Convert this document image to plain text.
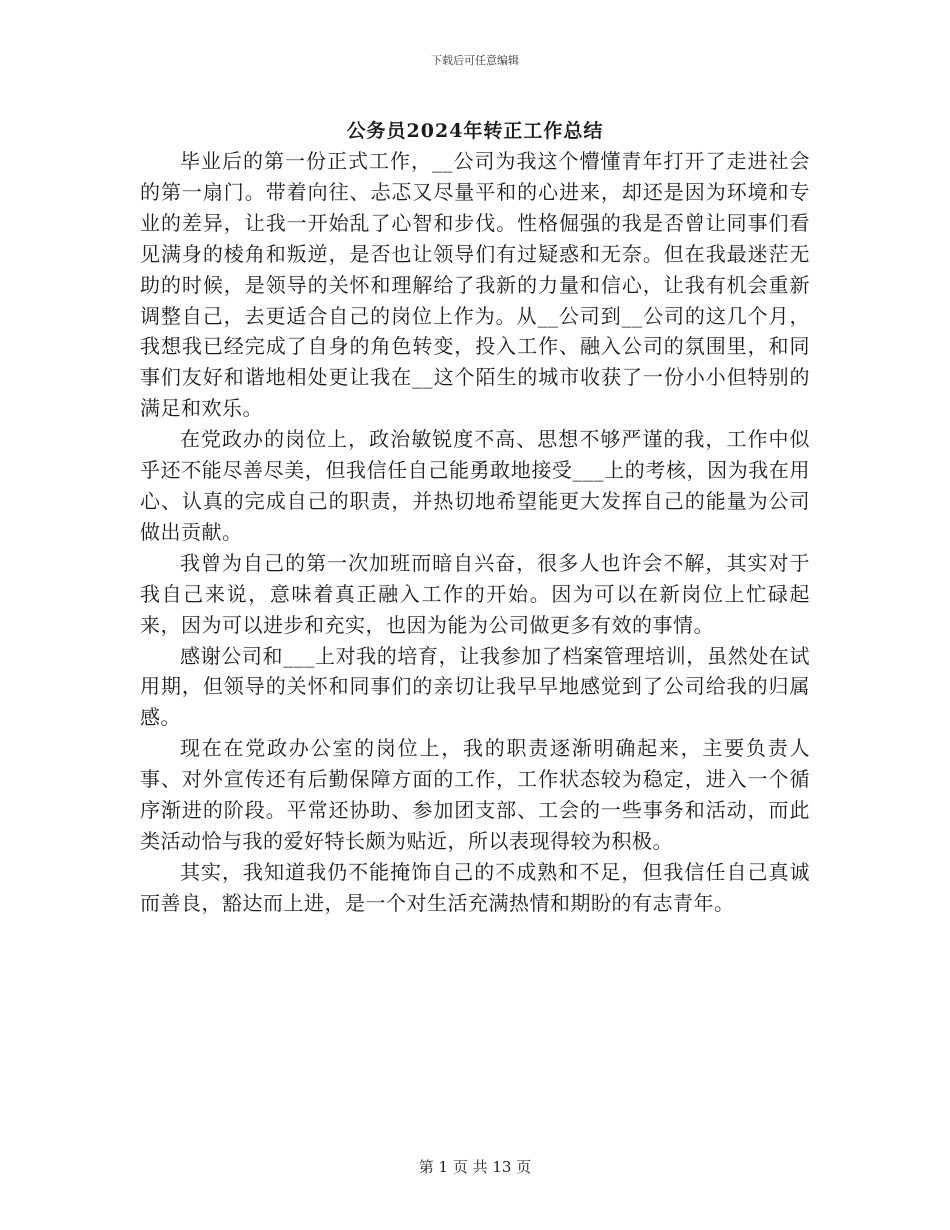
下载后可任意编辑
公务员2024年转正工作总结

毕业后的第一份正式工作，__公司为我这个懵懂青年打开了走进社会的第一扇门。带着向往、忐忑又尽量平和的心进来，却还是因为环境和专业的差异，让我一开始乱了心智和步伐。性格倔强的我是否曾让同事们看见满身的棱角和叛逆，是否也让领导们有过疑惑和无奈。但在我最迷茫无助的时候，是领导的关怀和理解给了我新的力量和信心，让我有机会重新调整自己，去更适合自己的岗位上作为。从__公司到__公司的这几个月，我想我已经完成了自身的角色转变，投入工作、融入公司的氛围里，和同事们友好和谐地相处更让我在__这个陌生的城市收获了一份小小但特别的满足和欢乐。

在党政办的岗位上，政治敏锐度不高、思想不够严谨的我，工作中似乎还不能尽善尽美，但我信任自己能勇敢地接受___上的考核，因为我在用心、认真的完成自己的职责，并热切地希望能更大发挥自己的能量为公司做出贡献。

我曾为自己的第一次加班而暗自兴奋，很多人也许会不解，其实对于我自己来说，意味着真正融入工作的开始。因为可以在新岗位上忙碌起来，因为可以进步和充实，也因为能为公司做更多有效的事情。

感谢公司和___上对我的培育，让我参加了档案管理培训，虽然处在试用期，但领导的关怀和同事们的亲切让我早早地感觉到了公司给我的归属感。

现在在党政办公室的岗位上，我的职责逐渐明确起来，主要负责人事、对外宣传还有后勤保障方面的工作，工作状态较为稳定，进入一个循序渐进的阶段。平常还协助、参加团支部、工会的一些事务和活动，而此类活动恰与我的爱好特长颇为贴近，所以表现得较为积极。

其实，我知道我仍不能掩饰自己的不成熟和不足，但我信任自己真诚而善良，豁达而上进，是一个对生活充满热情和期盼的有志青年。

第 1 页 共 13 页
